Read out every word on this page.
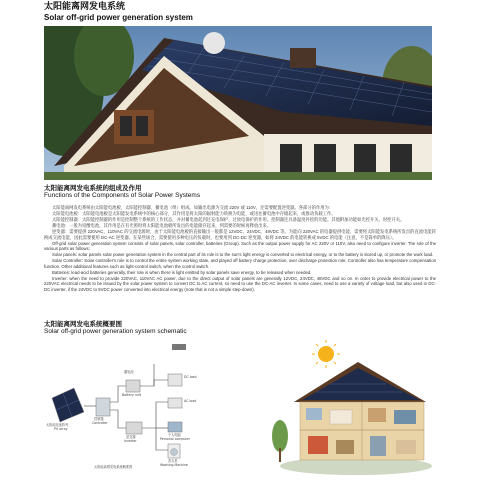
太阳能离网发电系统
Solar off-grid power generation system
太阳能离网发电系统的组成及作用
Functions of the Components of Solar Power Systems

太阳能离网发电系统由太阳能电池板、太阳能控制器、蓄电池（组）组成。如输出电源为交流 220V 或 110V，还需要配置逆变器。各部分的作用为：

太阳能电池板：太阳能电池板是太阳能发电系统中的核心部分，其作用是将太阳的辐射能力转换为电能，或送往蓄电池中存储起来，或推动负载工作。

太阳能控制器：太阳能控制器的作用是控制整个系统的工作状态，并对蓄电池起到过充电保护、过放电保护的作用。控制器还具备温度补偿的功能。其他附加功能如光控开关、时控开关。

蓄电池：一般为铅酸电池，其作用是在有光照时将太阳能电池板所发出的电能储存起来，到需要的时候再释放出来。

逆变器：需要提供 220VAC、110VAC 的交流电源时，由于太阳能电池板的直接输出一般都是 12VDC、24VDC、48VDC 等。为能向 220VAC 的电器提供电能，需要将太阳能发电系统所发出的直流电能转换成交流电能，因此需要使用 DC-AC 逆变器。在某些场合，需要使用多种电压的负载时，也要用到 DC-DC 逆变器，如将 24VDC 的电能转换成 5VDC 的电能（注意，不是简单的降压）。

Off-grid solar power generation system consists of solar panels, solar controller, batteries (Group). Such as the output power supply for AC 220V or 110V, also need to configure inverter. The role of the various parts as follows:

Solar panels: solar panels solar power generation system in the central part of its role is to the sun's light energy is converted to electrical energy, or to the battery is stored up, or promote the work load.

Solar Controller: Solar controller's role is to control the entire system working state, and played off battery charge protection, over discharge protection role. Controller also has temperature compensation function. Other additional features such as light-control switch, when the control switch.

Batteries: lead-acid batteries generally, their role is when there is light emitted by solar panels save energy, to be released when needed.

Inverter: when the need to provide 220VAC, 110VAC AC power, due to the direct output of solar panels are generally 12VDC, 24VDC, 48VDC and so on. In order to provide electrical power to the 220VAC electrical needs to be issued by the solar power system to convert DC to AC current, so need to use the DC-AC inverter. In some cases, need to use a variety of voltage load, but also used in DC-DC inverter, if the 24VDC to 5VDC power converted into electrical energy (note that is not a simple step-down).

太阳能离网发电系统概要图
Solar off-grid power generation system schematic
太阳能电池阵列
PV array
控制器
Controller
蓄电池
Battery unit
逆变器
Inverter
DC load
AC load
个人电脑
Personal computer
洗衣机
Washing Machine
太阳能离网发电系统概要图
